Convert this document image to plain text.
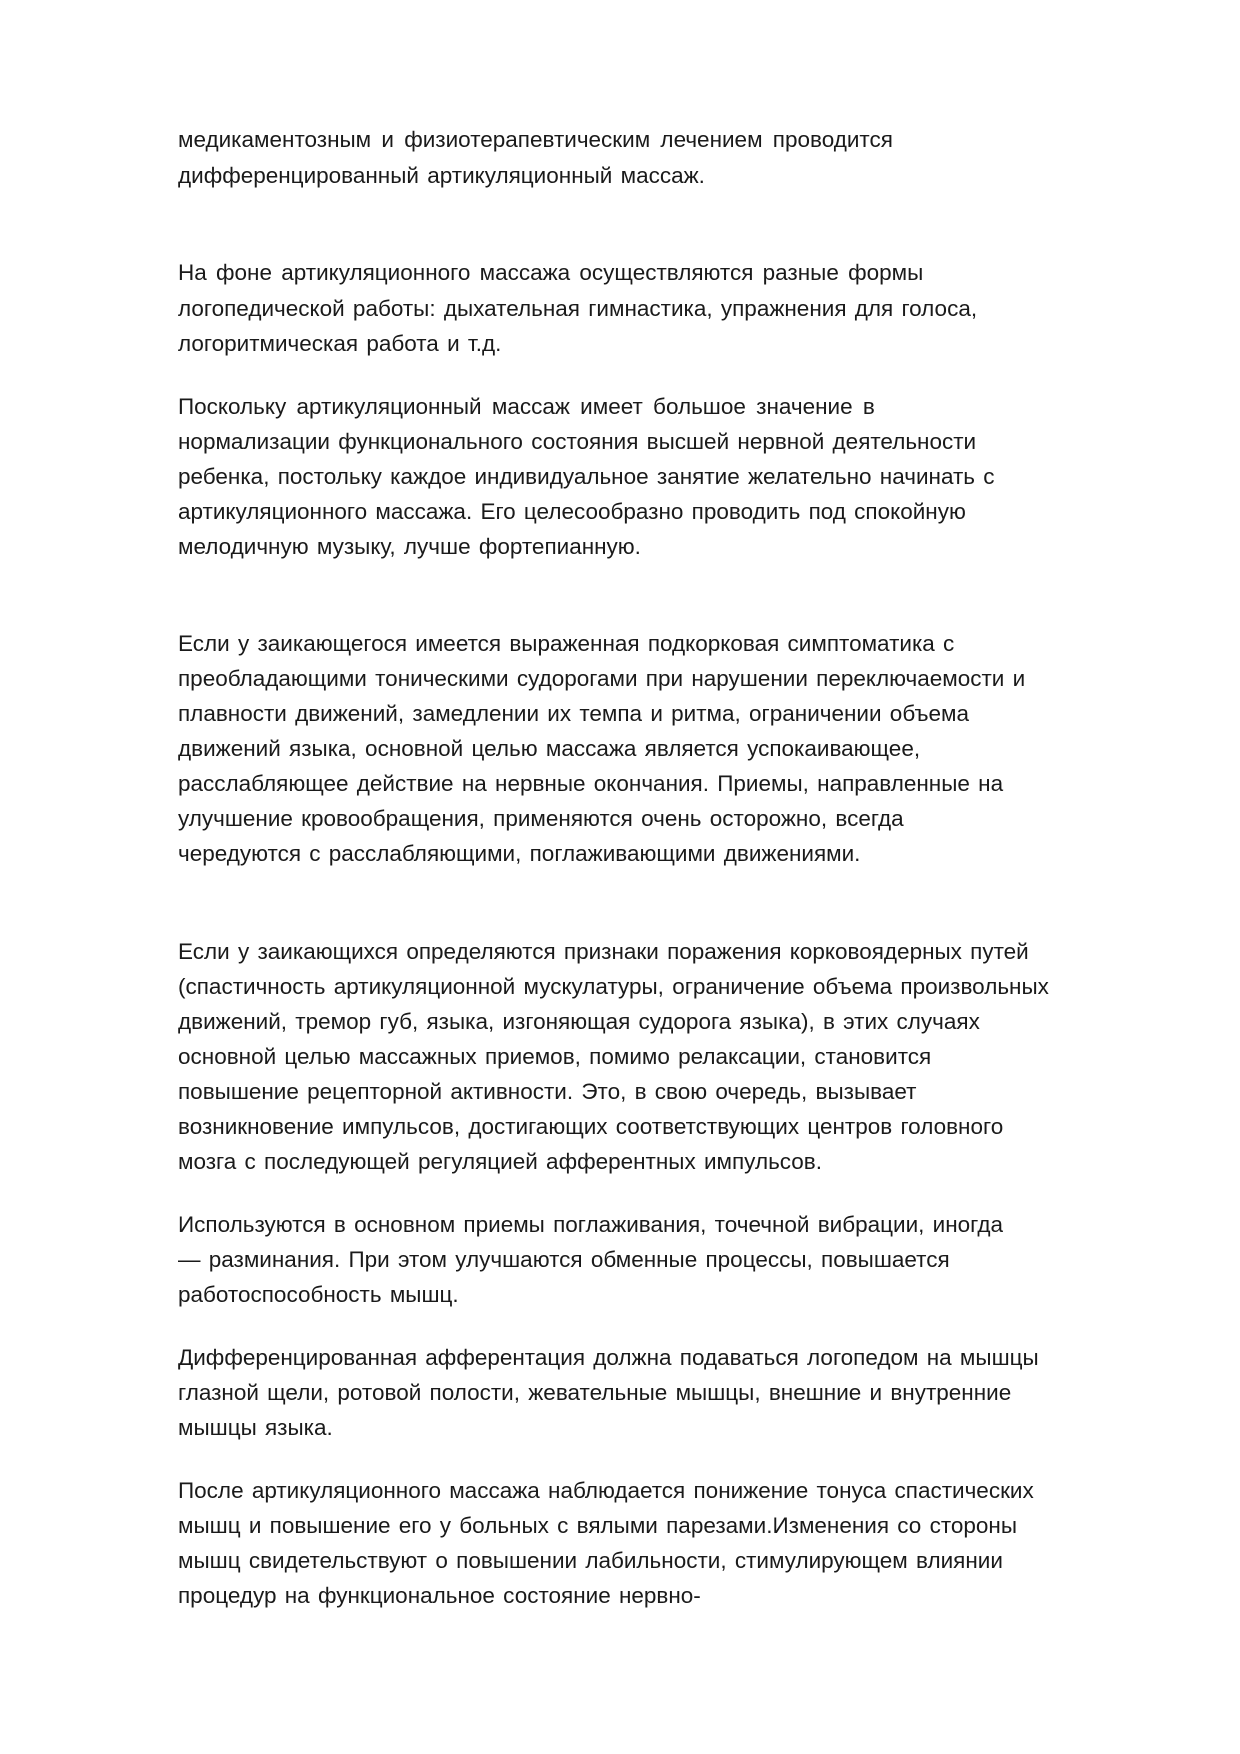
медикаментозным и физиотерапевтическим лечением проводится
дифференцированный артикуляционный массаж.
На фоне артикуляционного массажа осуществляются разные формы
логопедической работы: дыхательная гимнастика, упражнения для голоса,
логоритмическая работа и т.д.
Поскольку артикуляционный массаж имеет большое значение в
нормализации функционального состояния высшей нервной деятельности
ребенка, постольку каждое индивидуальное занятие желательно начинать с
артикуляционного массажа. Его целесообразно проводить под спокойную
мелодичную музыку, лучше фортепианную.
Если у заикающегося имеется выраженная подкорковая симптоматика с
преобладающими тоническими судорогами при нарушении переключаемости и
плавности движений, замедлении их темпа и ритма, ограничении объема
движений языка, основной целью массажа является успокаивающее,
расслабляющее действие на нервные окончания. Приемы, направленные на
улучшение кровообращения, применяются очень осторожно, всегда
чередуются с расслабляющими, поглаживающими движениями.
Если у заикающихся определяются признаки поражения корковоядерных путей
(спастичность артикуляционной мускулатуры, ограничение объема произвольных
движений, тремор губ, языка, изгоняющая судорога языка), в этих случаях
основной целью массажных приемов, помимо релаксации, становится
повышение рецепторной активности. Это, в свою очередь, вызывает
возникновение импульсов, достигающих соответствующих центров головного
мозга с последующей регуляцией афферентных импульсов.
Используются в основном приемы поглаживания, точечной вибрации, иногда
— разминания. При этом улучшаются обменные процессы, повышается
работоспособность мышц.
Дифференцированная афферентация должна подаваться логопедом на мышцы
глазной щели, ротовой полости, жевательные мышцы, внешние и внутренние
мышцы языка.
После артикуляционного массажа наблюдается понижение тонуса спастических
мышц и повышение его у больных с вялыми парезами.Изменения со стороны
мышц свидетельствуют о повышении лабильности, стимулирующем влиянии
процедур на функциональное состояние нервно-
